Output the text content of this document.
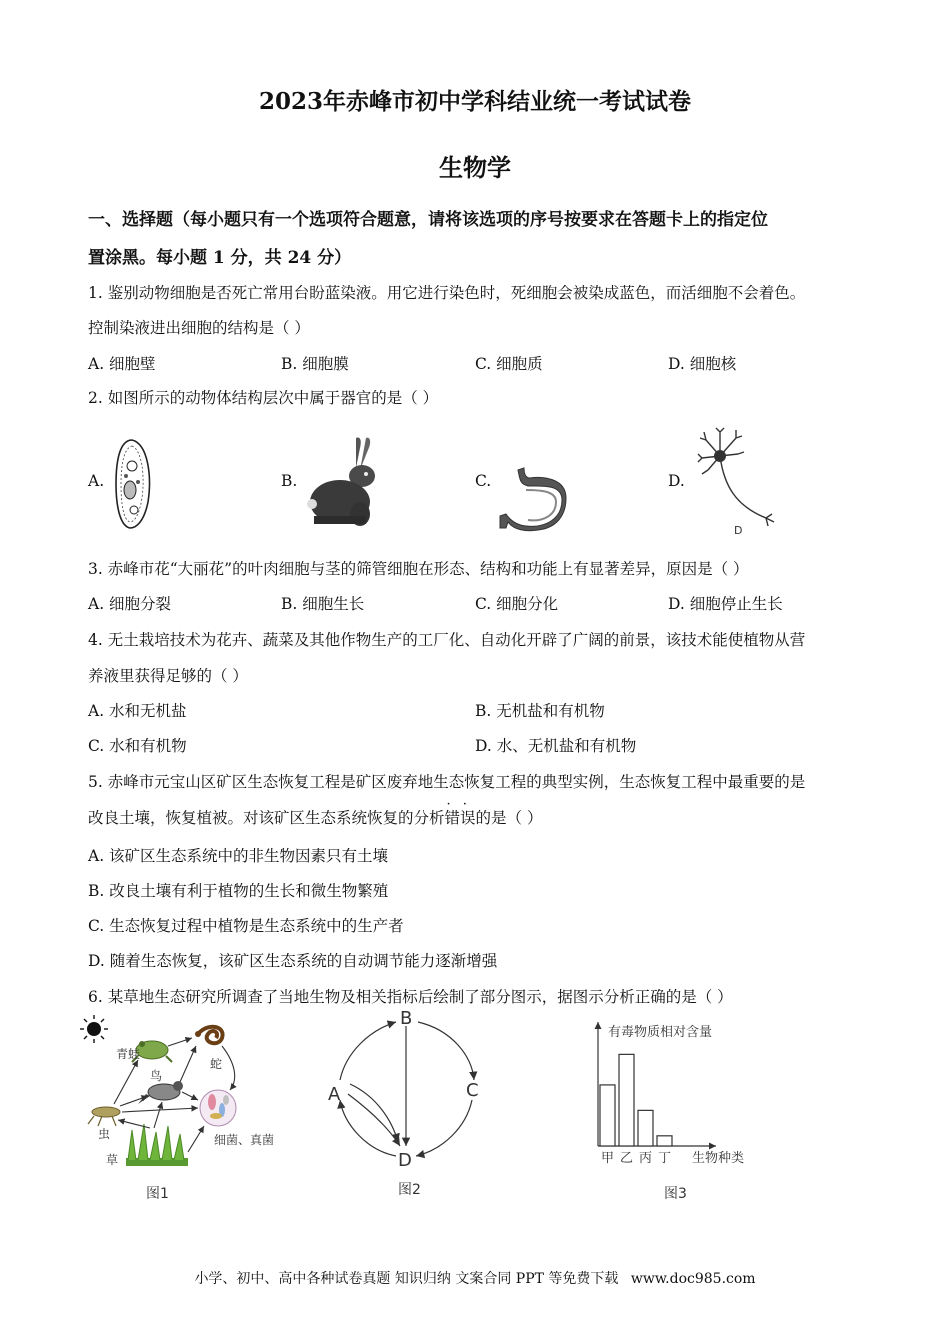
2023年赤峰市初中学科结业统一考试试卷
生物学
一、选择题（每小题只有一个选项符合题意，请将该选项的序号按要求在答题卡上的指定位
置涂黑。每小题 1 分，共 24 分）
1. 鉴别动物细胞是否死亡常用台盼蓝染液。用它进行染色时，死细胞会被染成蓝色，而活细胞不会着色。
控制染液进出细胞的结构是（ ）
A. 细胞壁	B. 细胞膜	C. 细胞质	D. 细胞核
2. 如图所示的动物体结构层次中属于器官的是（ ）
A.	B.	C.	D.
D
3. 赤峰市花“大丽花”的叶肉细胞与茎的筛管细胞在形态、结构和功能上有显著差异，原因是（ ）
A. 细胞分裂	B. 细胞生长	C. 细胞分化	D. 细胞停止生长
4. 无土栽培技术为花卉、蔬菜及其他作物生产的工厂化、自动化开辟了广阔的前景，该技术能使植物从营
养液里获得足够的（ ）
A. 水和无机盐	B. 无机盐和有机物
C. 水和有机物	D. 水、无机盐和有机物
5. 赤峰市元宝山区矿区生态恢复工程是矿区废弃地生态恢复工程的典型实例，生态恢复工程中最重要的是
改良土壤，恢复植被。对该矿区生态系统恢复的分析错误 · ·的是（ ）
A. 该矿区生态系统中的非生物因素只有土壤
B. 改良土壤有利于植物的生长和微生物繁殖
C. 生态恢复过程中植物是生态系统中的生产者
D. 随着生态恢复，该矿区生态系统的自动调节能力逐渐增强
6. 某草地生态研究所调查了当地生物及相关指标后绘制了部分图示，据图示分析正确的是（ ）
青蛙
蛇
鸟
虫
草
细菌、真菌
图1
B
C
A
D
图2
有毒物质相对含量
生物种类
甲 乙 丙 丁
图3
小学、初中、高中各种试卷真题 知识归纳 文案合同 PPT 等免费下载 www.doc985.com
